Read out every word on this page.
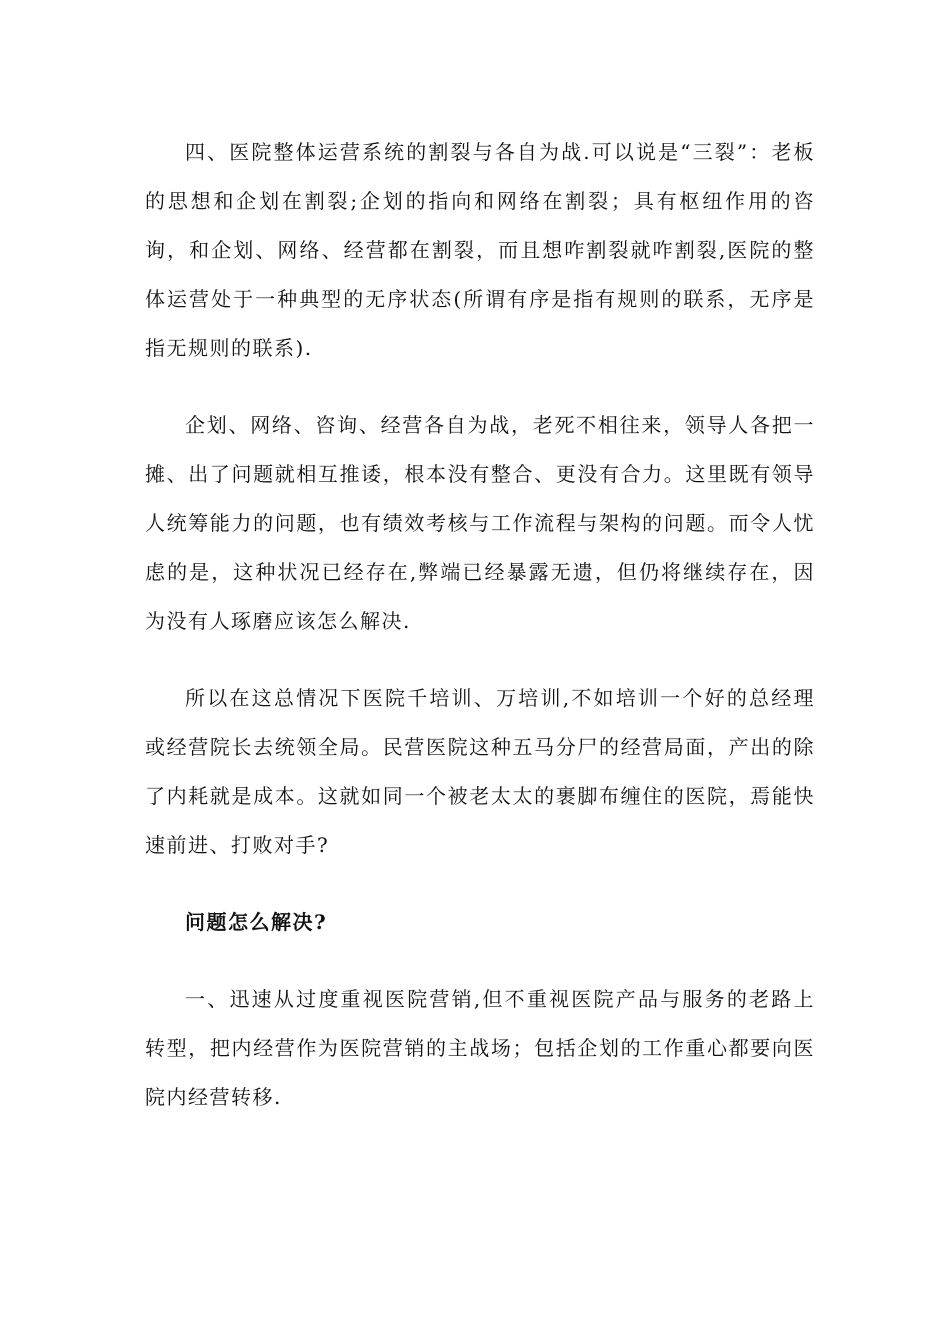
四、医院整体运营系统的割裂与各自为战.可以说是“三裂”：老板的思想和企划在割裂;企划的指向和网络在割裂；具有枢纽作用的咨询，和企划、网络、经营都在割裂，而且想咋割裂就咋割裂,医院的整体运营处于一种典型的无序状态(所谓有序是指有规则的联系，无序是指无规则的联系).

企划、网络、咨询、经营各自为战，老死不相往来，领导人各把一摊、出了问题就相互推诿，根本没有整合、更没有合力。这里既有领导人统筹能力的问题，也有绩效考核与工作流程与架构的问题。而令人忧虑的是，这种状况已经存在,弊端已经暴露无遗，但仍将继续存在，因为没有人琢磨应该怎么解决.

所以在这总情况下医院千培训、万培训,不如培训一个好的总经理或经营院长去统领全局。民营医院这种五马分尸的经营局面，产出的除了内耗就是成本。这就如同一个被老太太的裹脚布缠住的医院，焉能快速前进、打败对手?

问题怎么解决?

一、迅速从过度重视医院营销,但不重视医院产品与服务的老路上转型，把内经营作为医院营销的主战场；包括企划的工作重心都要向医院内经营转移.
